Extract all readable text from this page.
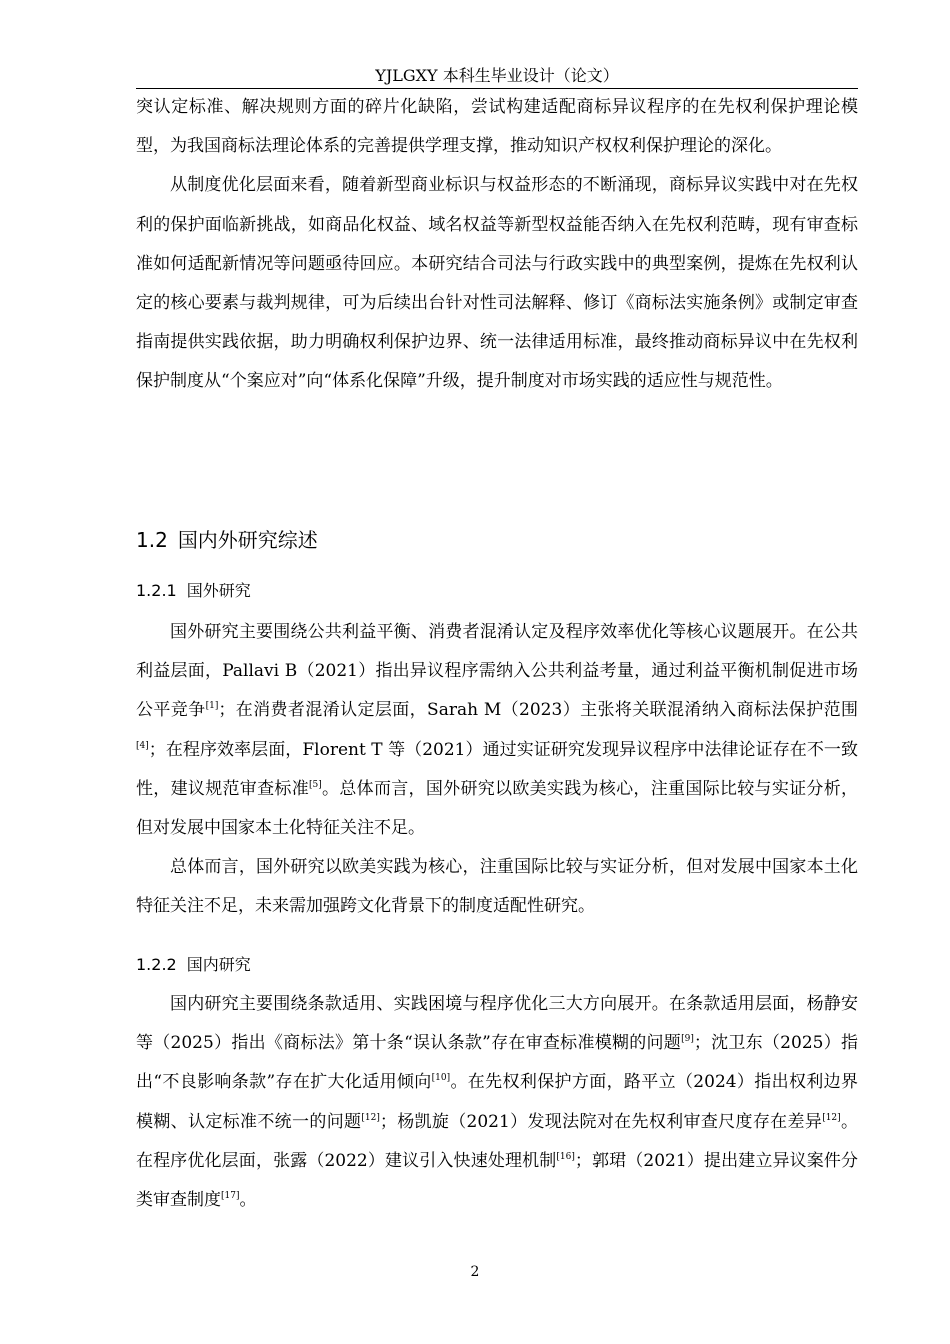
YJLGXY 本科生毕业设计（论文）

突认定标准、解决规则方面的碎片化缺陷，尝试构建适配商标异议程序的在先权利保护理论模型，为我国商标法理论体系的完善提供学理支撑，推动知识产权权利保护理论的深化。

从制度优化层面来看，随着新型商业标识与权益形态的不断涌现，商标异议实践中对在先权利的保护面临新挑战，如商品化权益、域名权益等新型权益能否纳入在先权利范畴，现有审查标准如何适配新情况等问题亟待回应。本研究结合司法与行政实践中的典型案例，提炼在先权利认定的核心要素与裁判规律，可为后续出台针对性司法解释、修订《商标法实施条例》或制定审查指南提供实践依据，助力明确权利保护边界、统一法律适用标准，最终推动商标异议中在先权利保护制度从“个案应对”向“体系化保障”升级，提升制度对市场实践的适应性与规范性。

1.2 国内外研究综述
1.2.1 国外研究

国外研究主要围绕公共利益平衡、消费者混淆认定及程序效率优化等核心议题展开。在公共利益层面，Pallavi B（2021）指出异议程序需纳入公共利益考量，通过利益平衡机制促进市场公平竞争[1]；在消费者混淆认定层面，Sarah M（2023）主张将关联混淆纳入商标法保护范围[4]；在程序效率层面，Florent T 等（2021）通过实证研究发现异议程序中法律论证存在不一致性，建议规范审查标准[5]。总体而言，国外研究以欧美实践为核心，注重国际比较与实证分析，但对发展中国家本土化特征关注不足。

总体而言，国外研究以欧美实践为核心，注重国际比较与实证分析，但对发展中国家本土化特征关注不足，未来需加强跨文化背景下的制度适配性研究。

1.2.2 国内研究

国内研究主要围绕条款适用、实践困境与程序优化三大方向展开。在条款适用层面，杨静安等（2025）指出《商标法》第十条“误认条款”存在审查标准模糊的问题[9]；沈卫东（2025）指出“不良影响条款”存在扩大化适用倾向[10]。在先权利保护方面，路平立（2024）指出权利边界模糊、认定标准不统一的问题[12]；杨凯旋（2021）发现法院对在先权利审查尺度存在差异[12]。在程序优化层面，张露（2022）建议引入快速处理机制[16]；郭珺（2021）提出建立异议案件分类审查制度[17]。

2
